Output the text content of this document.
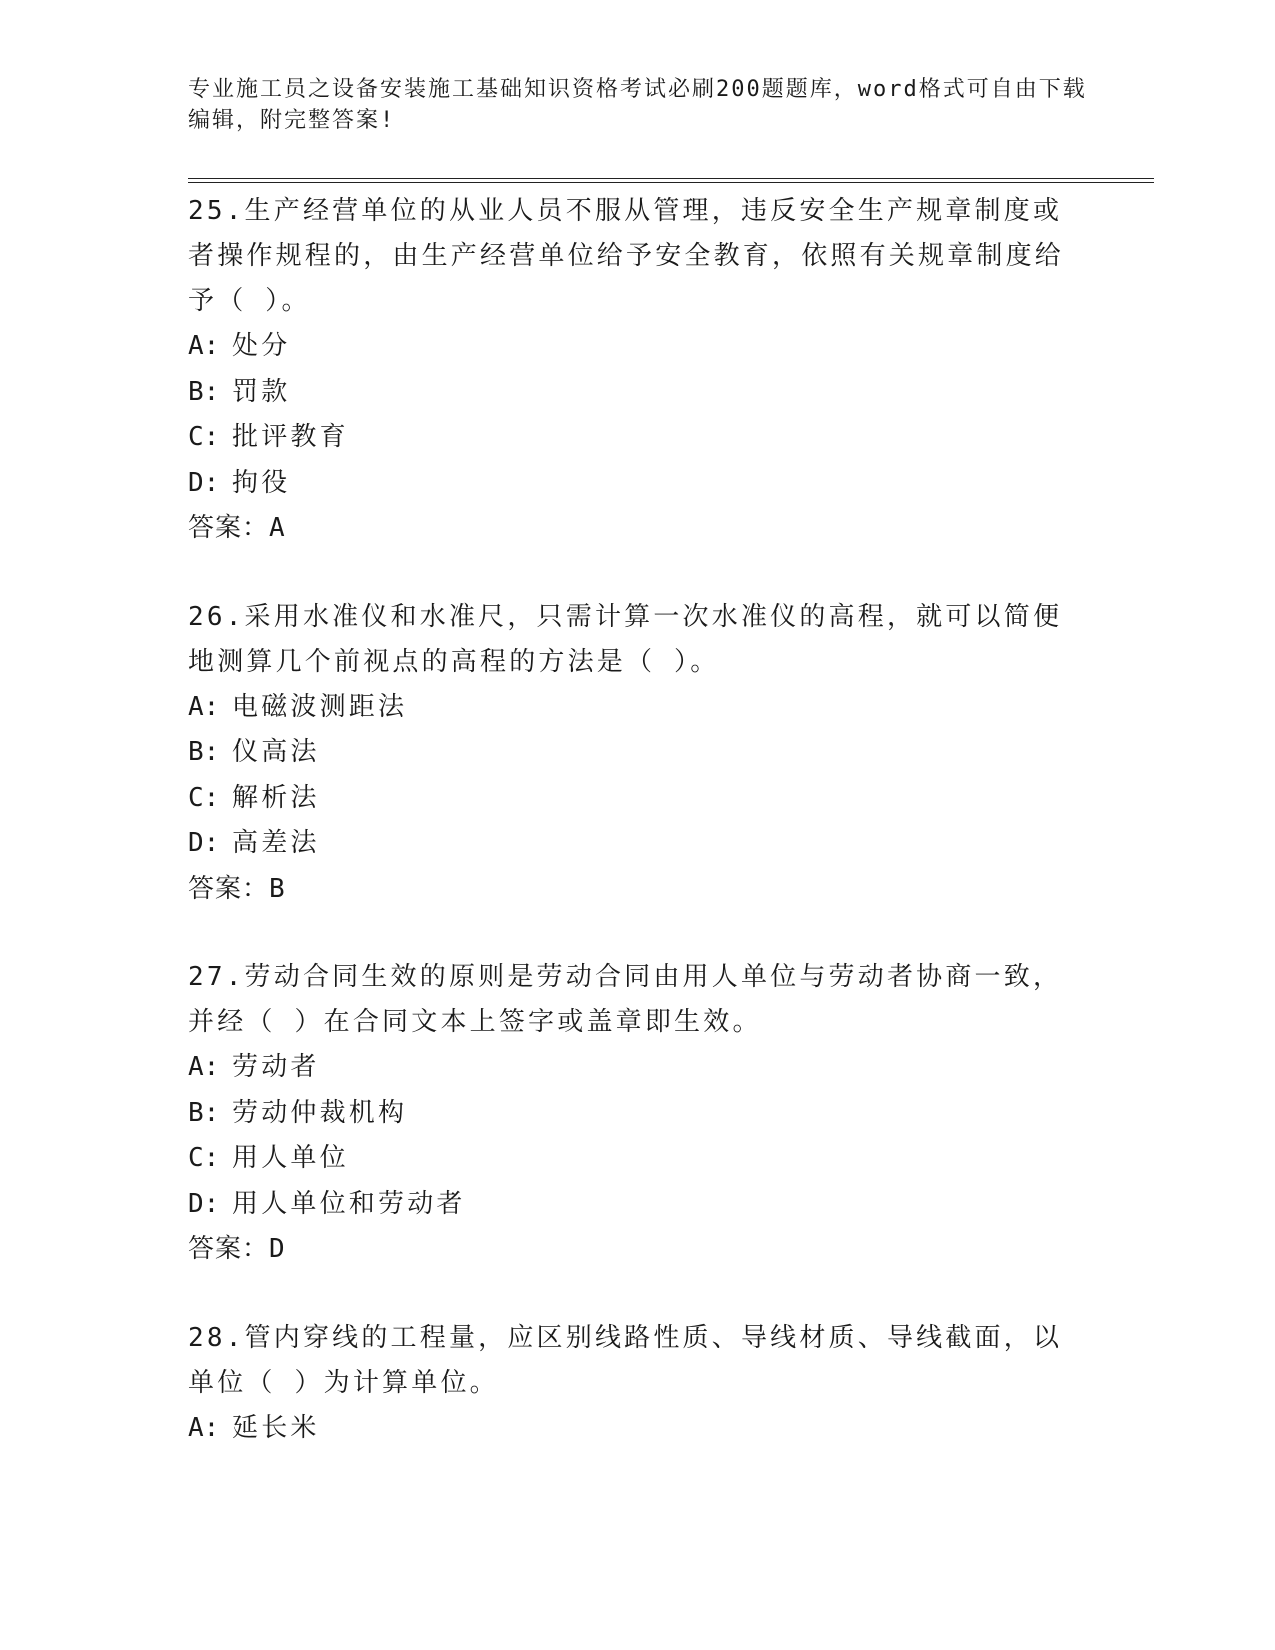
专业施工员之设备安装施工基础知识资格考试必刷200题题库，word格式可自由下载编辑，附完整答案!

25.生产经营单位的从业人员不服从管理，违反安全生产规章制度或者操作规程的，由生产经营单位给予安全教育，依照有关规章制度给予（ ）。

A: 处分
B: 罚款
C: 批评教育
D: 拘役
答案：A

26.采用水准仪和水准尺，只需计算一次水准仪的高程，就可以简便地测算几个前视点的高程的方法是（ ）。

A: 电磁波测距法
B: 仪高法
C: 解析法
D: 高差法
答案：B

27.劳动合同生效的原则是劳动合同由用人单位与劳动者协商一致，并经（ ）在合同文本上签字或盖章即生效。

A: 劳动者
B: 劳动仲裁机构
C: 用人单位
D: 用人单位和劳动者
答案：D

28.管内穿线的工程量，应区别线路性质、导线材质、导线截面，以单位（ ）为计算单位。

A: 延长米
